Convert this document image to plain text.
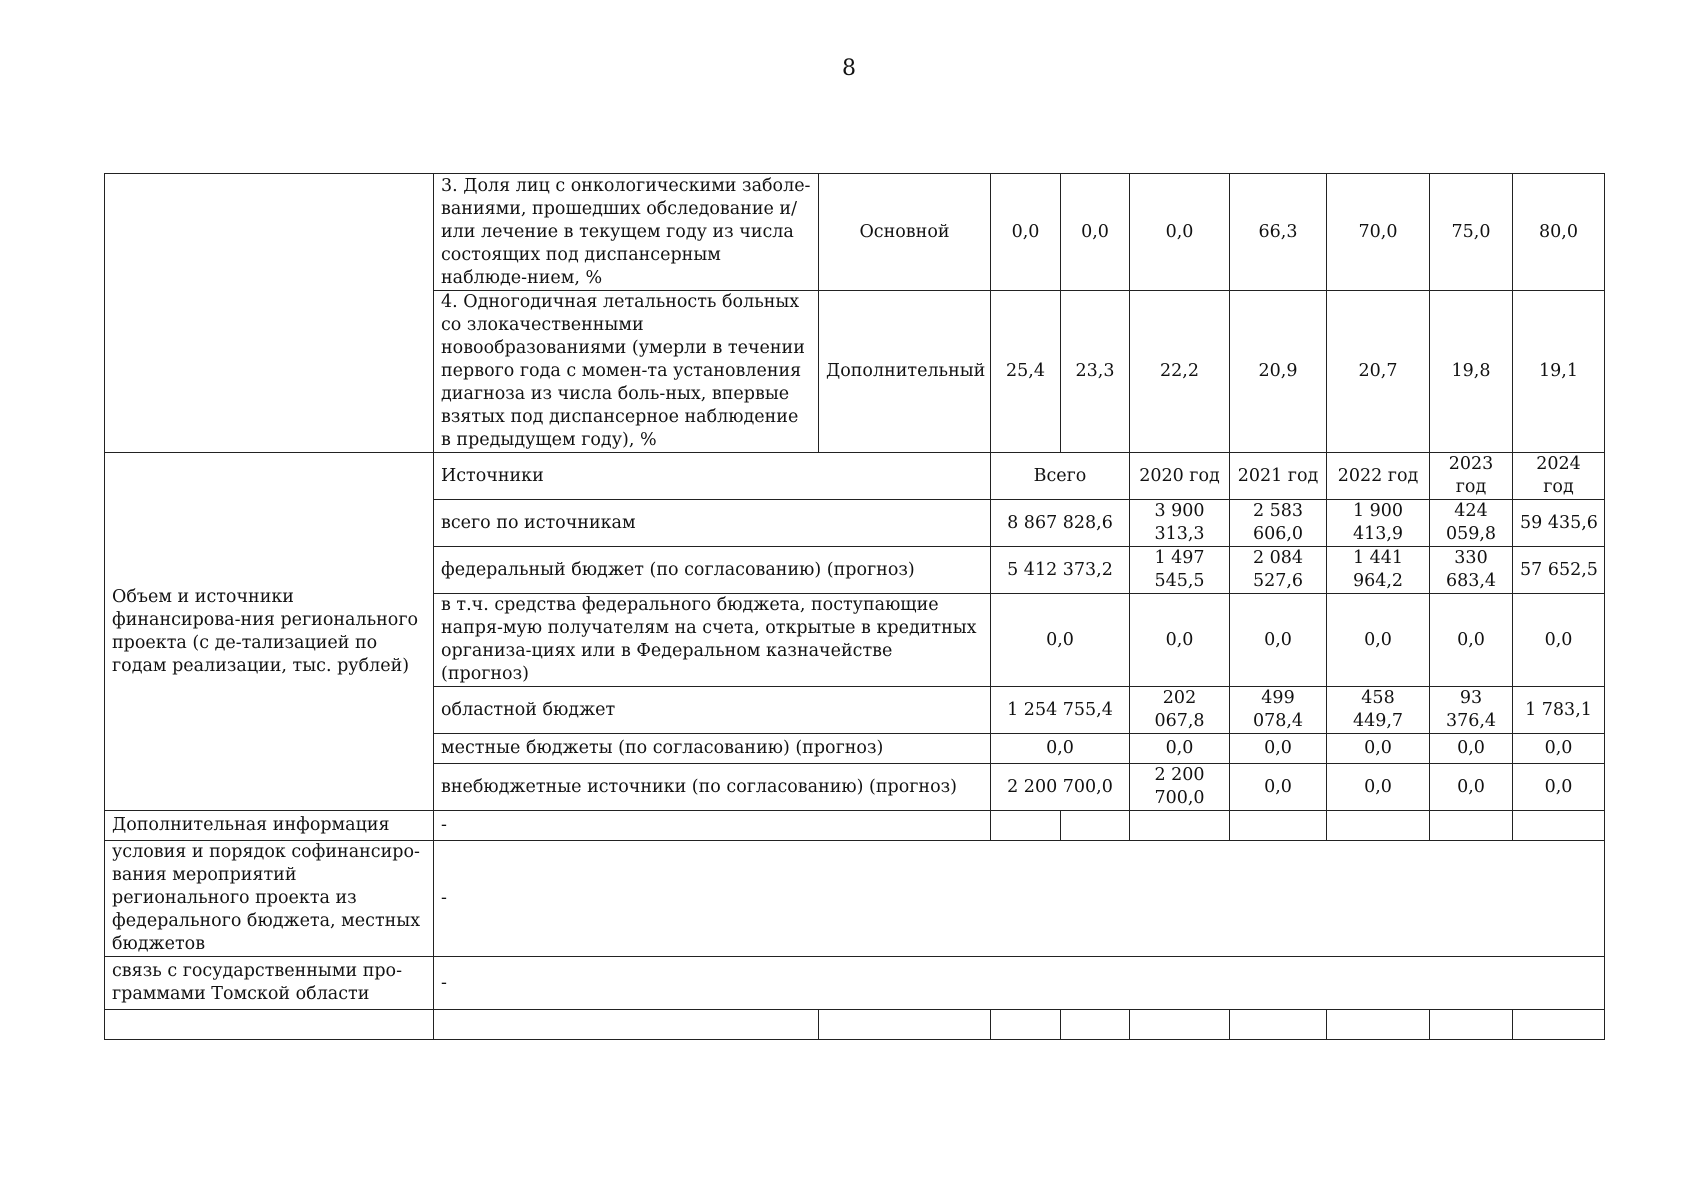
8
	3. Доля лиц с онкологическими заболе-ваниями, прошедших обследование и/или лечение в текущем году из числа состоящих под диспансерным наблюде-нием, %	Основной	0,0	0,0	0,0	66,3	70,0	75,0	80,0
	4. Одногодичная летальность больных со злокачественными новообразованиями (умерли в течении первого года с момен-та установления диагноза из числа боль-ных, впервые взятых под диспансерное наблюдение в предыдущем году), %	Дополнительный	25,4	23,3	22,2	20,9	20,7	19,8	19,1
Объем и источники финансирова-ния регионального проекта (с де-тализацией по годам реализации, тыс. рублей)	Источники		Всего		2020 год	2021 год	2022 год	2023 год	2024 год
	всего по источникам		8 867 828,6		3 900 313,3	2 583 606,0	1 900 413,9	424 059,8	59 435,6
	федеральный бюджет (по согласованию) (прогноз)		5 412 373,2		1 497 545,5	2 084 527,6	1 441 964,2	330 683,4	57 652,5
	в т.ч. средства федерального бюджета, поступающие напря-мую получателям на счета, открытые в кредитных организа-циях или в Федеральном казначействе (прогноз)		0,0		0,0	0,0	0,0	0,0	0,0
	областной бюджет		1 254 755,4		202 067,8	499 078,4	458 449,7	93 376,4	1 783,1
	местные бюджеты (по согласованию) (прогноз)		0,0		0,0	0,0	0,0	0,0	0,0
	внебюджетные источники (по согласованию) (прогноз)		2 200 700,0		2 200 700,0	0,0	0,0	0,0	0,0
Дополнительная информация	-								
условия и порядок софинансиро-вания мероприятий регионального проекта из федерального бюджета, местных бюджетов	-								
связь с государственными про-граммами Томской области	-								
